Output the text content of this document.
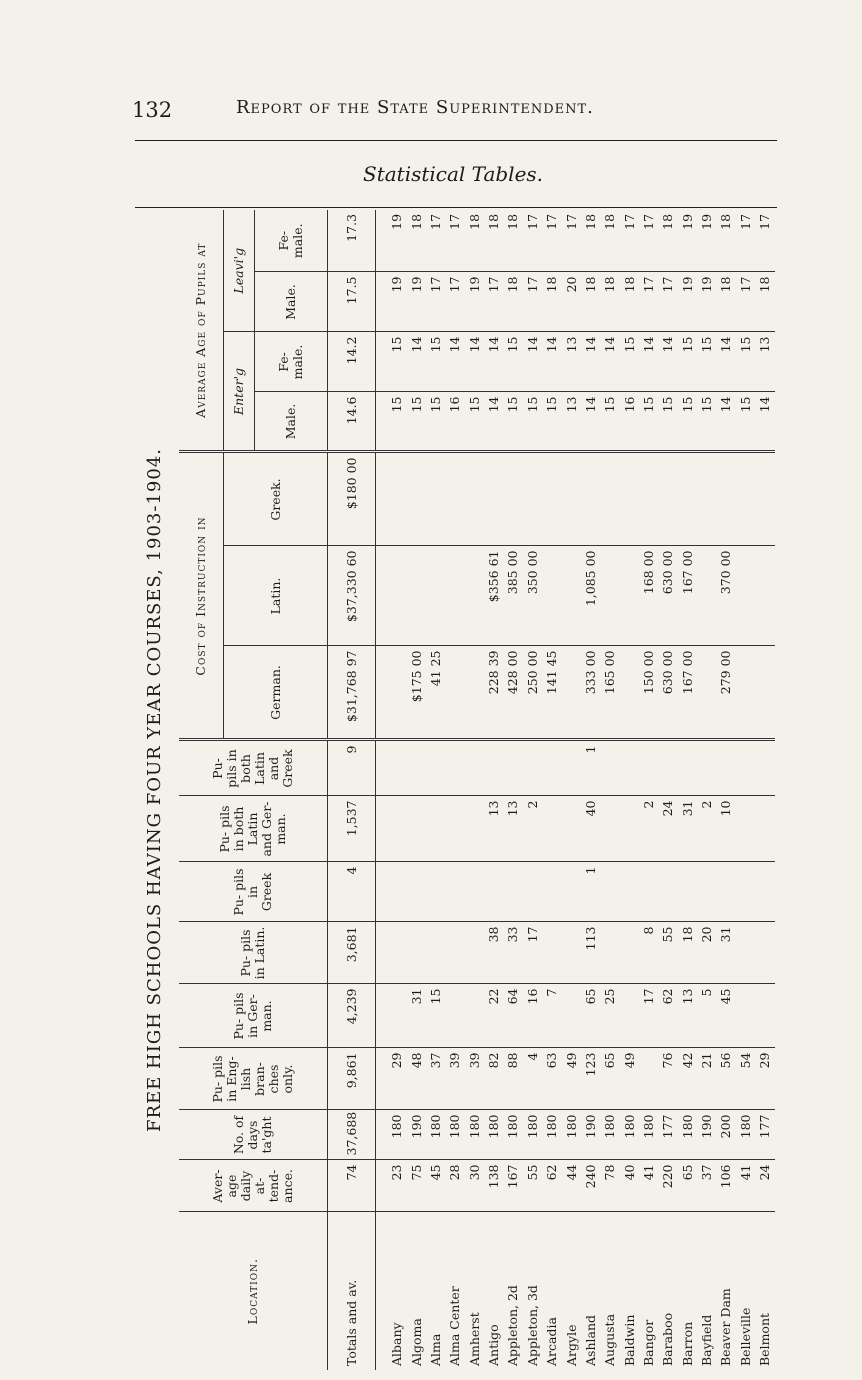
132	Report of the State Superintendent.
Statistical Tables.
FREE HIGH SCHOOLS HAVING FOUR YEAR COURSES, 1903-1904.
Location.	Aver- age daily at- tend- ance.	No. of days ta'ght	Pu- pils in Eng- lish bran- ches only.	Pu- pils in Ger- man.	Pu- pils in Latin.	Pu- pils in Greek	Pu- pils in both Latin and Ger- man.	Pu- pils in both Latin and Greek	Cost of Instruction in			Average Age of Pupils at			
									German.	Latin.	Greek.	Enter'g		Leavi'g	
												Male.	Fe- male.	Male.	Fe- male.
Totals and av.	74	37,688	9,861	4,239	3,681	4	1,537	9	$31,768 97	$37,330 60	$180 00	14.6	14.2	17.5	17.3

Albany	23	180	29									15	15	19	19
Algoma	75	190	48	31					$175 00			15	14	19	18
Alma	45	180	37	15					41 25			15	15	17	17
Alma Center	28	180	39									16	14	17	17
Amherst	30	180	39									15	14	19	18
Antigo	138	180	82	22	38		13		228 39	$356 61		14	14	17	18
Appleton, 2d	167	180	88	64	33		13		428 00	385 00		15	15	18	18
Appleton, 3d	55	180	4	16	17		2		250 00	350 00		15	14	17	17
Arcadia	62	180	63	7					141 45			15	14	18	17
Argyle	44	180	49									13	13	20	17
Ashland	240	190	123	65	113	1	40	1	333 00	1,085 00		14	14	18	18
Augusta	78	180	65	25					165 00			15	14	18	18
Baldwin	40	180	49									16	15	18	17
Bangor	41	180		17	8		2		150 00	168 00		15	14	17	17
Baraboo	220	177	76	62	55		24		630 00	630 00		15	14	17	18
Barron	65	180	42	13	18		31		167 00	167 00		15	15	19	19
Bayfield	37	190	21	5	20		2					15	15	19	19
Beaver Dam	106	200	56	45	31		10		279 00	370 00		14	14	18	18
Belleville	41	180	54									15	15	17	17
Belmont	24	177	29									14	13	18	17
